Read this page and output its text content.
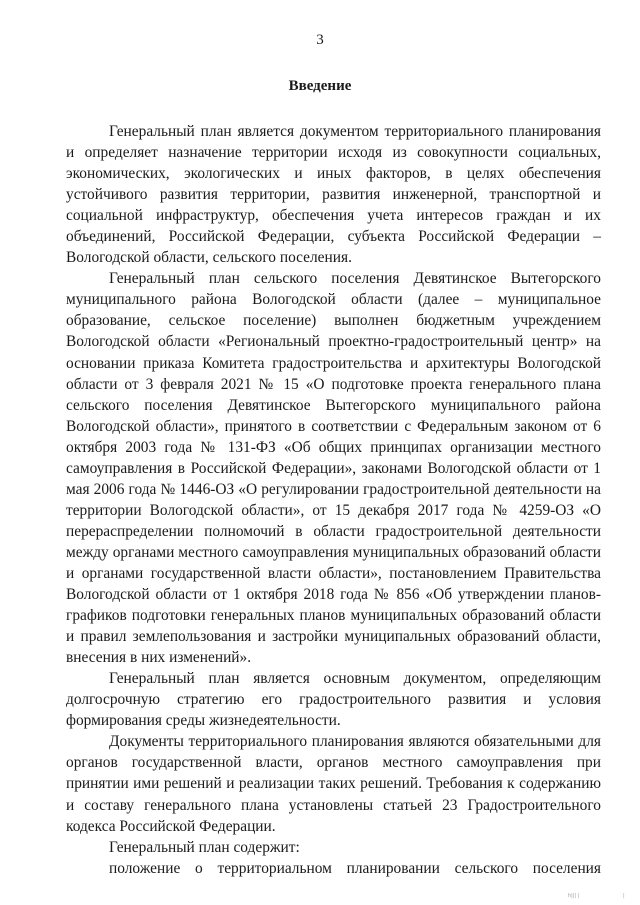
3
Введение

Генеральный план является документом территориального планирования и определяет назначение территории исходя из совокупности социальных, экономических, экологических и иных факторов, в целях обеспечения устойчивого развития территории, развития инженерной, транспортной и социальной инфраструктур, обеспечения учета интересов граждан и их объединений, Российской Федерации, субъекта Российской Федерации – Вологодской области, сельского поселения.

Генеральный план сельского поселения Девятинское Вытегорского муниципального района Вологодской области (далее – муниципальное образование, сельское поселение) выполнен бюджетным учреждением Вологодской области «Региональный проектно-градостроительный центр» на основании приказа Комитета градостроительства и архитектуры Вологодской области от 3 февраля 2021 № 15 «О подготовке проекта генерального плана сельского поселения Девятинское Вытегорского муниципального района Вологодской области», принятого в соответствии с Федеральным законом от 6 октября 2003 года № 131-ФЗ «Об общих принципах организации местного самоуправления в Российской Федерации», законами Вологодской области от 1 мая 2006 года № 1446-ОЗ «О регулировании градостроительной деятельности на территории Вологодской области», от 15 декабря 2017 года № 4259-ОЗ «О перераспределении полномочий в области градостроительной деятельности между органами местного самоуправления муниципальных образований области и органами государственной власти области», постановлением Правительства Вологодской области от 1 октября 2018 года № 856 «Об утверждении планов-графиков подготовки генеральных планов муниципальных образований области и правил землепользования и застройки муниципальных образований области, внесения в них изменений».

Генеральный план является основным документом, определяющим долгосрочную стратегию его градостроительного развития и условия формирования среды жизнедеятельности.

Документы территориального планирования являются обязательными для органов государственной власти, органов местного самоуправления при принятии ими решений и реализации таких решений. Требования к содержанию и составу генерального плана установлены статьей 23 Градостроительного кодекса Российской Федерации.

Генеральный план содержит:

положение о территориальном планировании сельского поселения

h||| |	|
